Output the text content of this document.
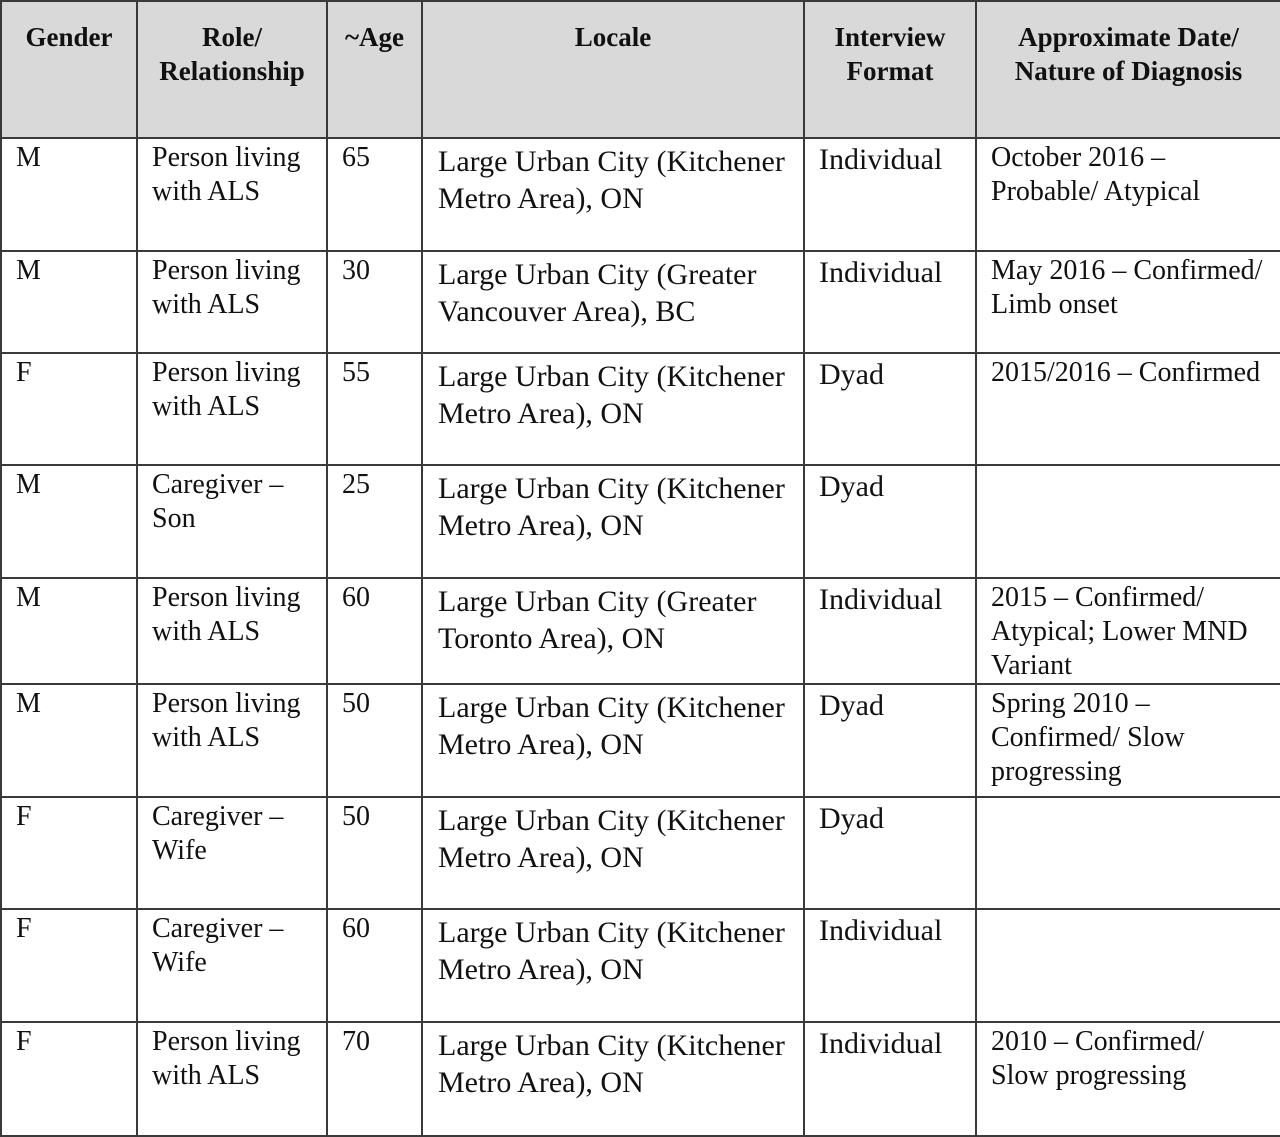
Gender	Role/ Relationship	~Age	Locale	Interview Format	Approximate Date/ Nature of Diagnosis
M	Person living with ALS	65	Large Urban City (Kitchener Metro Area), ON	Individual	October 2016 – Probable/ Atypical
M	Person living with ALS	30	Large Urban City (Greater Vancouver Area), BC	Individual	May 2016 – Confirmed/ Limb onset
F	Person living with ALS	55	Large Urban City (Kitchener Metro Area), ON	Dyad	2015/2016 – Confirmed
M	Caregiver – Son	25	Large Urban City (Kitchener Metro Area), ON	Dyad	
M	Person living with ALS	60	Large Urban City (Greater Toronto Area), ON	Individual	2015 – Confirmed/ Atypical; Lower MND Variant
M	Person living with ALS	50	Large Urban City (Kitchener Metro Area), ON	Dyad	Spring 2010 – Confirmed/ Slow progressing
F	Caregiver – Wife	50	Large Urban City (Kitchener Metro Area), ON	Dyad	
F	Caregiver – Wife	60	Large Urban City (Kitchener Metro Area), ON	Individual	
F	Person living with ALS	70	Large Urban City (Kitchener Metro Area), ON	Individual	2010 – Confirmed/ Slow progressing
